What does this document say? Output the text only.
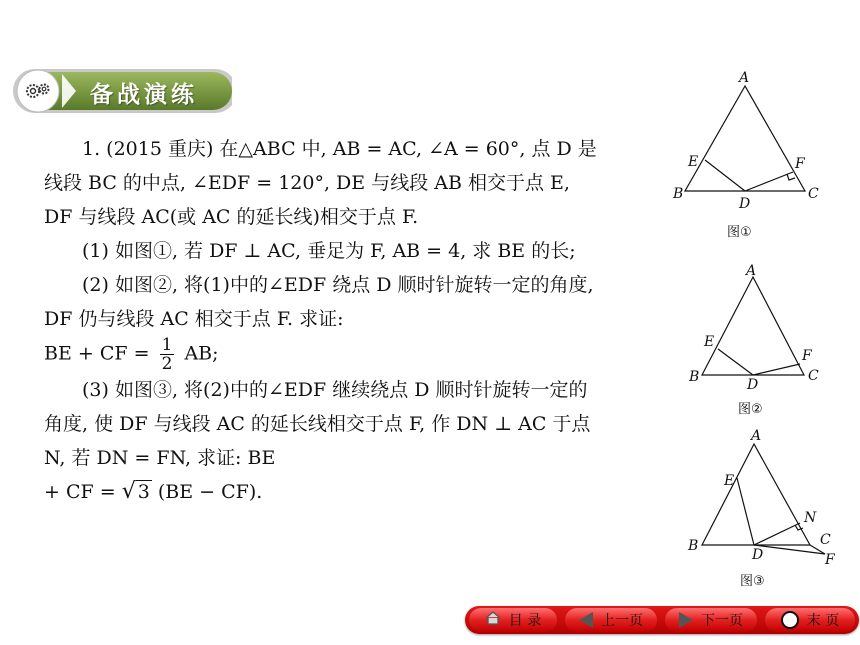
备战演练

1. (2015 重庆) 在△ABC 中, AB = AC, ∠A = 60°, 点 D 是线段 BC 的中点, ∠EDF = 120°, DE 与线段 AB 相交于点 E, DF 与线段 AC(或 AC 的延长线)相交于点 F.

(1) 如图①, 若 DF ⊥ AC, 垂足为 F, AB = 4, 求 BE 的长;

(2) 如图②, 将(1)中的∠EDF 绕点 D 顺时针旋转一定的角度, DF 仍与线段 AC 相交于点 F. 求证:

BE + CF = $\frac{1}{2}$ AB;

(3) 如图③, 将(2)中的∠EDF 继续绕点 D 顺时针旋转一定的角度, 使 DF 与线段 AC 的延长线相交于点 F, 作 DN ⊥ AC 于点 N, 若 DN = FN, 求证: BE

+ CF = √ 3 (BE − CF).

A
B	C
D
E	F
图①
A
B	C
D
E
F
图②
A
B	C
D
E
F
N
图③
目 录	上一页	下一页	末 页
